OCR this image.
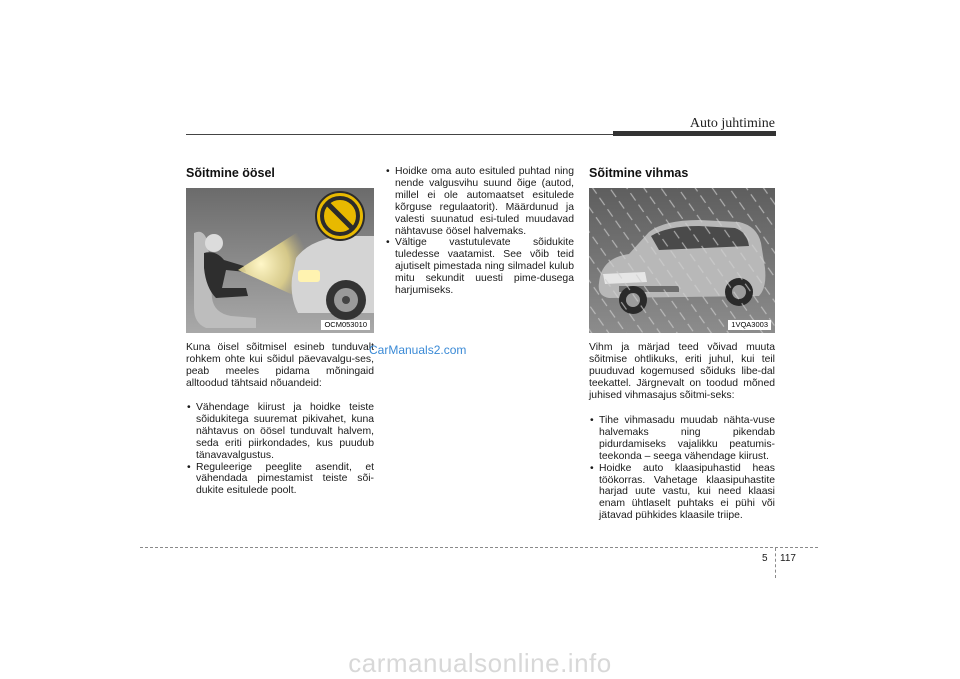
Auto juhtimine
Sõitmine öösel
OCM053010
Kuna öisel sõitmisel esineb tunduvalt rohkem ohte kui sõidul päevavalgu-ses, peab meeles pidama mõningaid alltoodud tähtsaid nõuandeid:
• Vähendage kiirust ja hoidke teiste sõidukitega suuremat pikivahet, kuna nähtavus on öösel tunduvalt halvem, seda eriti piirkondades, kus puudub tänavavalgustus.
• Reguleerige peeglite asendit, et vähendada pimestamist teiste sõi-dukite esitulede poolt.
• Hoidke oma auto esituled puhtad ning nende valgusvihu suund õige (autod, millel ei ole automaatset esitulede kõrguse regulaatorit). Määrdunud ja valesti suunatud esi-tuled muudavad nähtavuse öösel halvemaks.
• Vältige vastutulevate sõidukite tuledesse vaatamist. See võib teid ajutiselt pimestada ning silmadel kulub mitu sekundit uuesti pime-dusega harjumiseks.
CarManuals2.com
Sõitmine vihmas
1VQA3003
Vihm ja märjad teed võivad muuta sõitmise ohtlikuks, eriti juhul, kui teil puuduvad kogemused sõiduks libe-dal teekattel. Järgnevalt on toodud mõned juhised vihmasajus sõitmi-seks:
• Tihe vihmasadu muudab nähta-vuse halvemaks ning pikendab pidurdamiseks vajalikku peatumis-teekonda – seega vähendage kiirust.
• Hoidke auto klaasipuhastid heas töökorras. Vahetage klaasipuhastite harjad uute vastu, kui need klaasi enam ühtlaselt puhtaks ei pühi või jätavad pühkides klaasile triipe.
5 117
carmanualsonline.info
